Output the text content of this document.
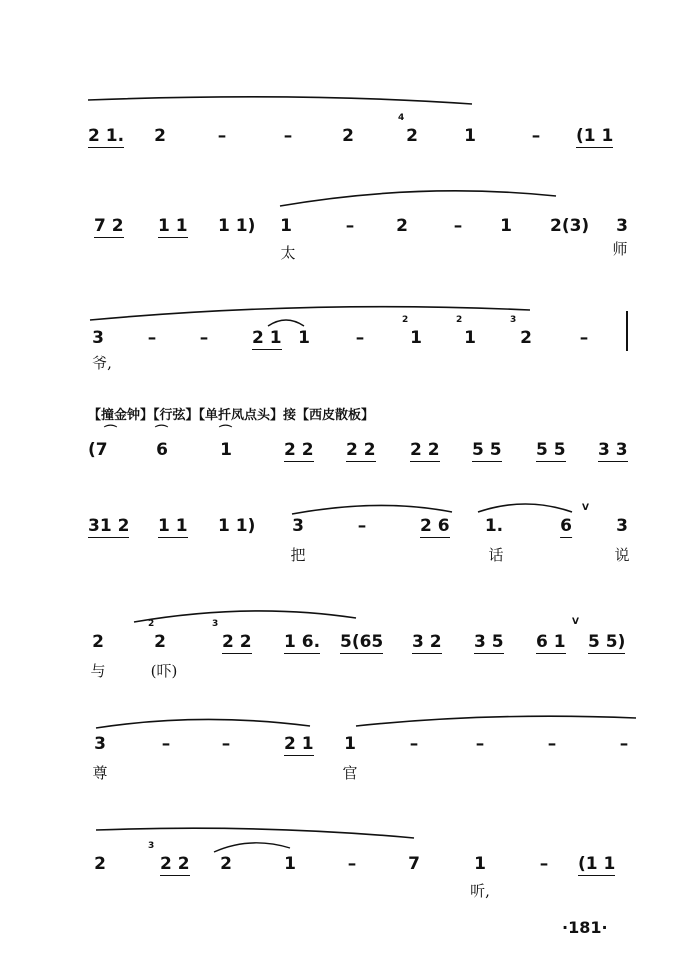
2 1. 2	–	–	2	2	1	– (1 1
4
7 2 1 1 1 1) 1	– 2	– 1 2(3) 3
太	师
3	–	–	2 1 1	–	1 1	2	–
2	2	3
爷,
【撞金钟】【行弦】【单扦凤点头】接【西皮散板】
(7	6	1	2 2 2 2 2 2 5 5 5 5 3 3
⌒	⌒	⌒
31 2 1 1 1 1) 3	–	2 6 1.	6	3
V
把	话	说
2	2	2 2 1 6. 5(65 3 2 3 5 6 1 5 5)
2	3	V
与	(吓)
3	–	–	2 1 1	–	–	–	–
尊	官
2	2 2 2	1	–	7	1	– (1 1
3
听,
·181·
